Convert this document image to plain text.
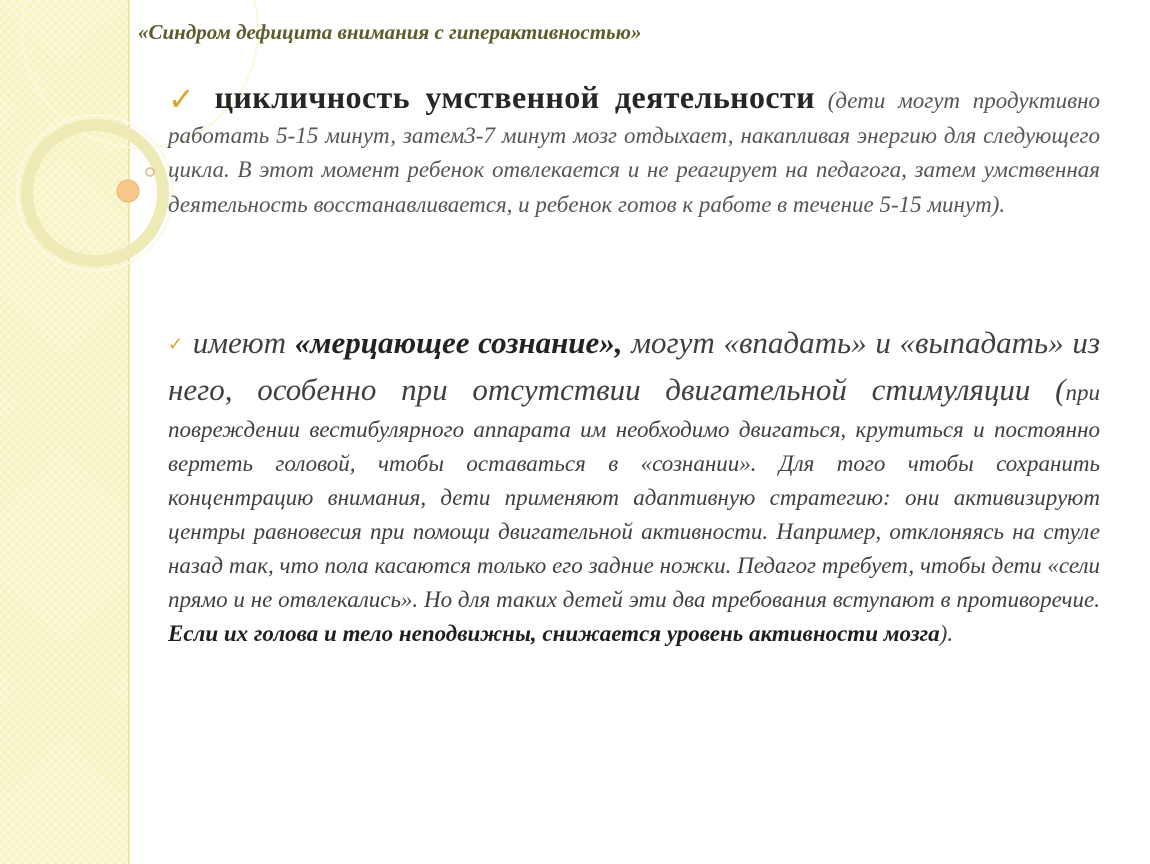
«Синдром дефицита внимания с гиперактивностью»
✓ цикличность умственной деятельности (дети могут продуктивно работать 5-15 минут, затем3-7 минут мозг отдыхает, накапливая энергию для следующего цикла. В этот момент ребенок отвлекается и не реагирует на педагога, затем умственная деятельность восстанавливается, и ребенок готов к работе в течение 5-15 минут).
✓ имеют «мерцающее сознание», могут «впадать» и «выпадать» из него, особенно при отсутствии двигательной стимуляции (при повреждении вестибулярного аппарата им необходимо двигаться, крутиться и постоянно вертеть головой, чтобы оставаться в «сознании». Для того чтобы сохранить концентрацию внимания, дети применяют адаптивную стратегию: они активизируют центры равновесия при помощи двигательной активности. Например, отклоняясь на стуле назад так, что пола касаются только его задние ножки. Педагог требует, чтобы дети «сели прямо и не отвлекались». Но для таких детей эти два требования вступают в противоречие. Если их голова и тело неподвижны, снижается уровень активности мозга).
